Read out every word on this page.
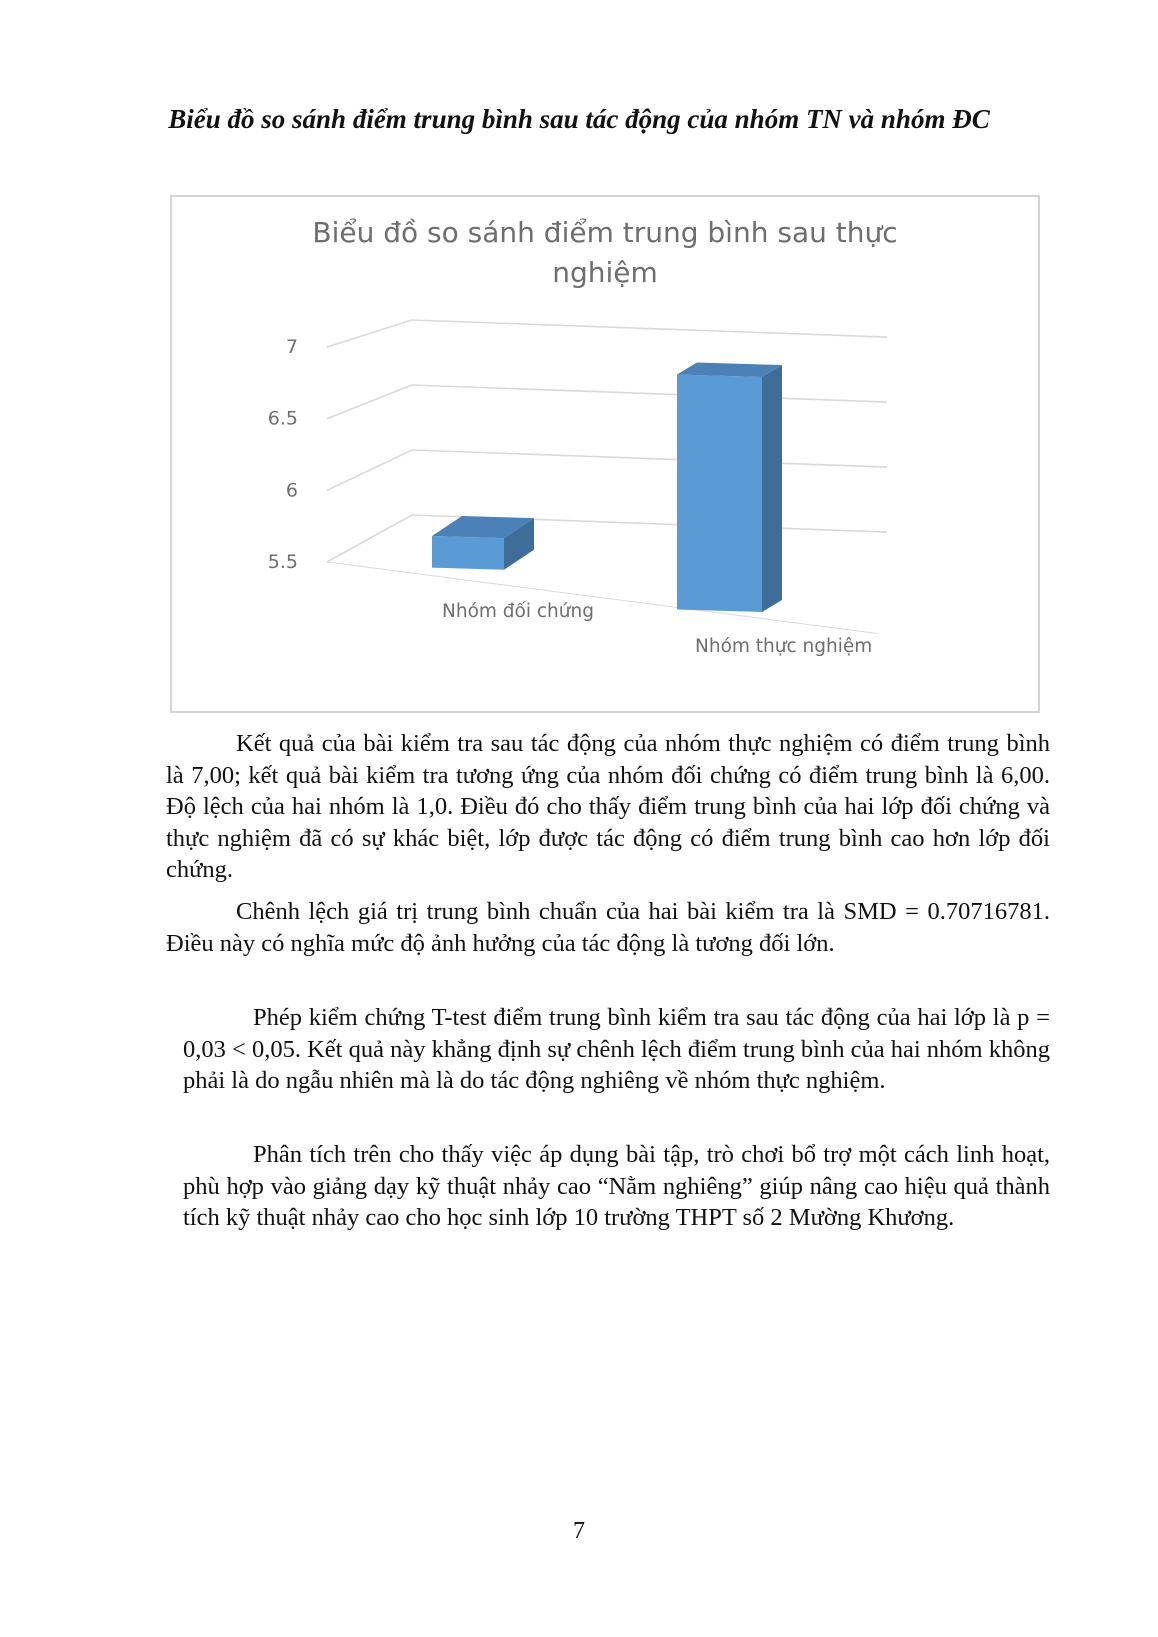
Biểu đồ so sánh điểm trung bình sau tác động của nhóm TN và nhóm ĐC
Biểu đồ so sánh điểm trung bình sau thực
nghiệm
5.5
6
6.5
7
Nhóm đối chứng
Nhóm thực nghiệm

Kết quả của bài kiểm tra sau tác động của nhóm thực nghiệm có điểm trung bình là 7,00; kết quả bài kiểm tra tương ứng của nhóm đối chứng có điểm trung bình là 6,00. Độ lệch của hai nhóm là 1,0. Điều đó cho thấy điểm trung bình của hai lớp đối chứng và thực nghiệm đã có sự khác biệt, lớp được tác động có điểm trung bình cao hơn lớp đối chứng.

Chênh lệch giá trị trung bình chuẩn của hai bài kiểm tra là SMD = 0.70716781. Điều này có nghĩa mức độ ảnh hưởng của tác động là tương đối lớn.

Phép kiểm chứng T-test điểm trung bình kiểm tra sau tác động của hai lớp là p = 0,03 < 0,05. Kết quả này khẳng định sự chênh lệch điểm trung bình của hai nhóm không phải là do ngẫu nhiên mà là do tác động nghiêng về nhóm thực nghiệm.

Phân tích trên cho thấy việc áp dụng bài tập, trò chơi bổ trợ một cách linh hoạt, phù hợp vào giảng dạy kỹ thuật nhảy cao “Nằm nghiêng” giúp nâng cao hiệu quả thành tích kỹ thuật nhảy cao cho học sinh lớp 10 trường THPT số 2 Mường Khương.

7
